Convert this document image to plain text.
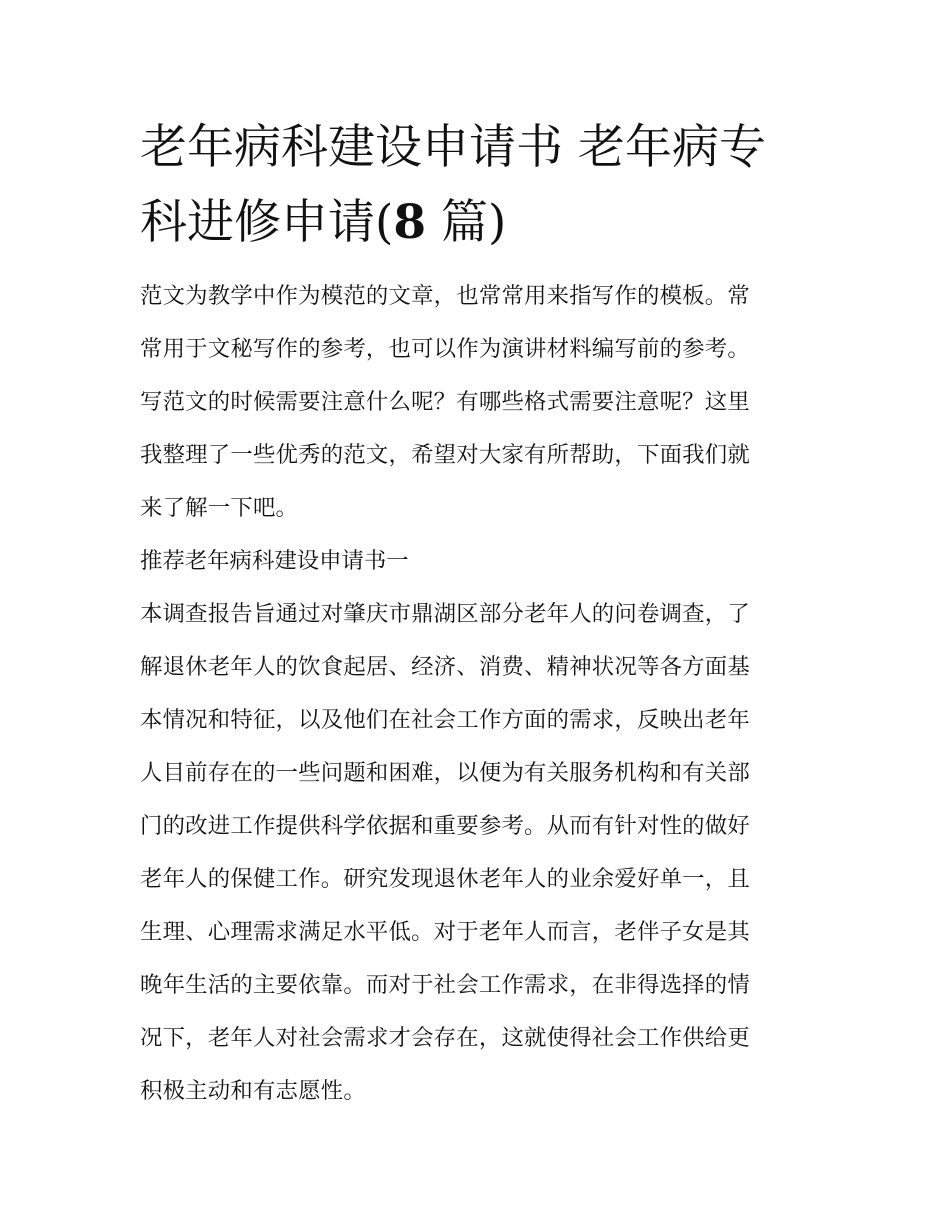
老年病科建设申请书 老年病专
科进修申请(8 篇)

范文为教学中作为模范的文章，也常常用来指写作的模板。常
常用于文秘写作的参考，也可以作为演讲材料编写前的参考。
写范文的时候需要注意什么呢？有哪些格式需要注意呢？这里
我整理了一些优秀的范文，希望对大家有所帮助，下面我们就
来了解一下吧。

推荐老年病科建设申请书一

本调查报告旨通过对肇庆市鼎湖区部分老年人的问卷调查，了
解退休老年人的饮食起居、经济、消费、精神状况等各方面基
本情况和特征，以及他们在社会工作方面的需求，反映出老年
人目前存在的一些问题和困难，以便为有关服务机构和有关部
门的改进工作提供科学依据和重要参考。从而有针对性的做好
老年人的保健工作。研究发现退休老年人的业余爱好单一，且
生理、心理需求满足水平低。对于老年人而言，老伴子女是其
晚年生活的主要依靠。而对于社会工作需求，在非得选择的情
况下，老年人对社会需求才会存在，这就使得社会工作供给更
积极主动和有志愿性。
